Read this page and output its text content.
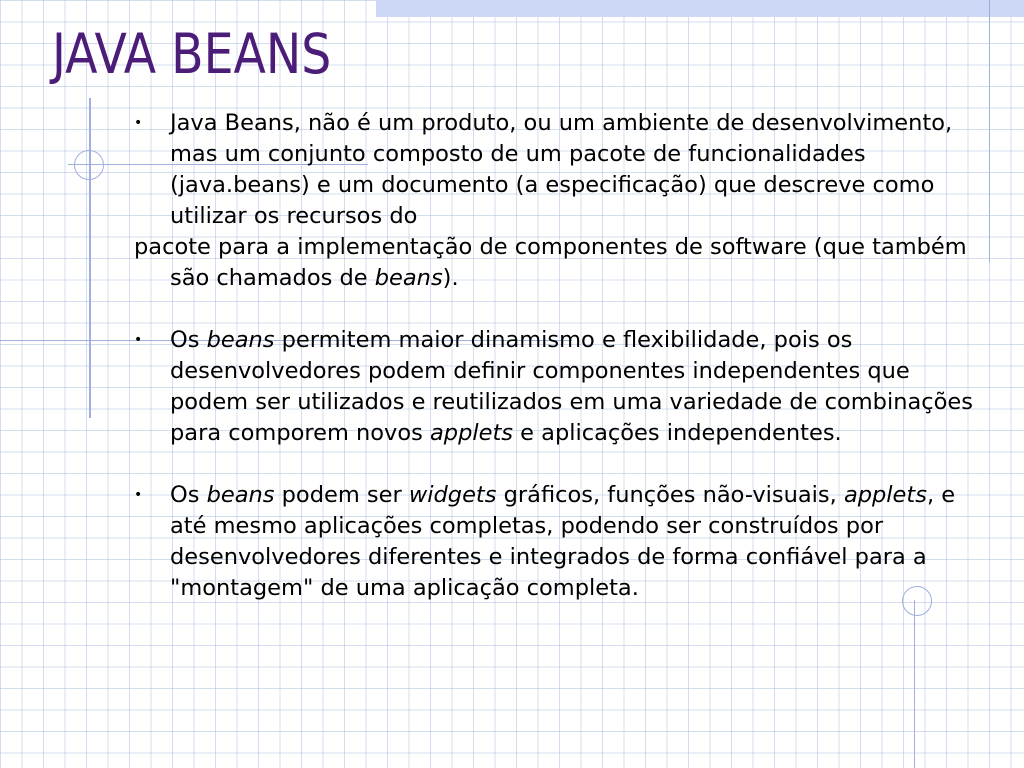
JAVA BEANS
• Java Beans, não é um produto, ou um ambiente de desenvolvimento, mas um conjunto composto de um pacote de funcionalidades (java.beans) e um documento (a especificação) que descreve como utilizar os recursos do
pacote para a implementação de componentes de software (que também são chamados de beans).
• Os beans permitem maior dinamismo e flexibilidade, pois os desenvolvedores podem definir componentes independentes que podem ser utilizados e reutilizados em uma variedade de combinações para comporem novos applets e aplicações independentes.
• Os beans podem ser widgets gráficos, funções não-visuais, applets, e até mesmo aplicações completas, podendo ser construídos por desenvolvedores diferentes e integrados de forma confiável para a "montagem" de uma aplicação completa.
